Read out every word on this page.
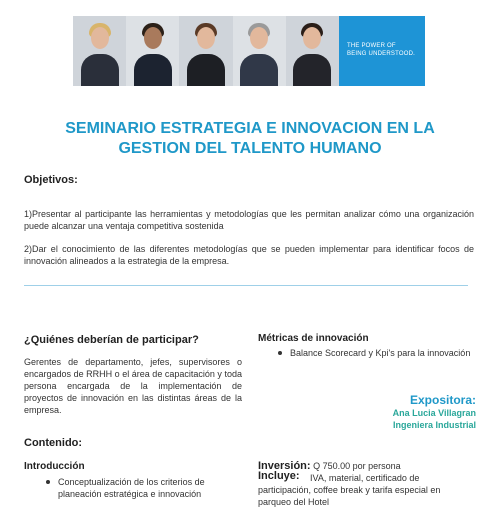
THE POWER OF
BEING UNDERSTOOD.
SEMINARIO ESTRATEGIA E INNOVACION EN LA
GESTION DEL TALENTO HUMANO
Objetivos:
1)Presentar al participante las herramientas y metodologías que les permitan analizar cómo una organización puede alcanzar una ventaja competitiva sostenida
2)Dar el conocimiento de las diferentes metodologías que se pueden implementar para identificar focos de innovación alineados a la estrategia de la empresa.
¿Quiénes deberían de participar?
Gerentes de departamento, jefes, supervisores o encargados de RRHH o el área de capacitación y toda persona encargada de la implementación de proyectos de innovación en las distintas áreas de la empresa.
Métricas de innovación
Balance Scorecard y Kpi's para la innovación
Expositora:
Ana Lucia Villagran
Ingeniera Industrial
Contenido:
Introducción
Conceptualización de los criterios de planeación estratégica e innovación
Inversión: Q 750.00 por persona
Incluye:	IVA, material, certificado de participación, coffee break y tarifa especial en parqueo del Hotel
